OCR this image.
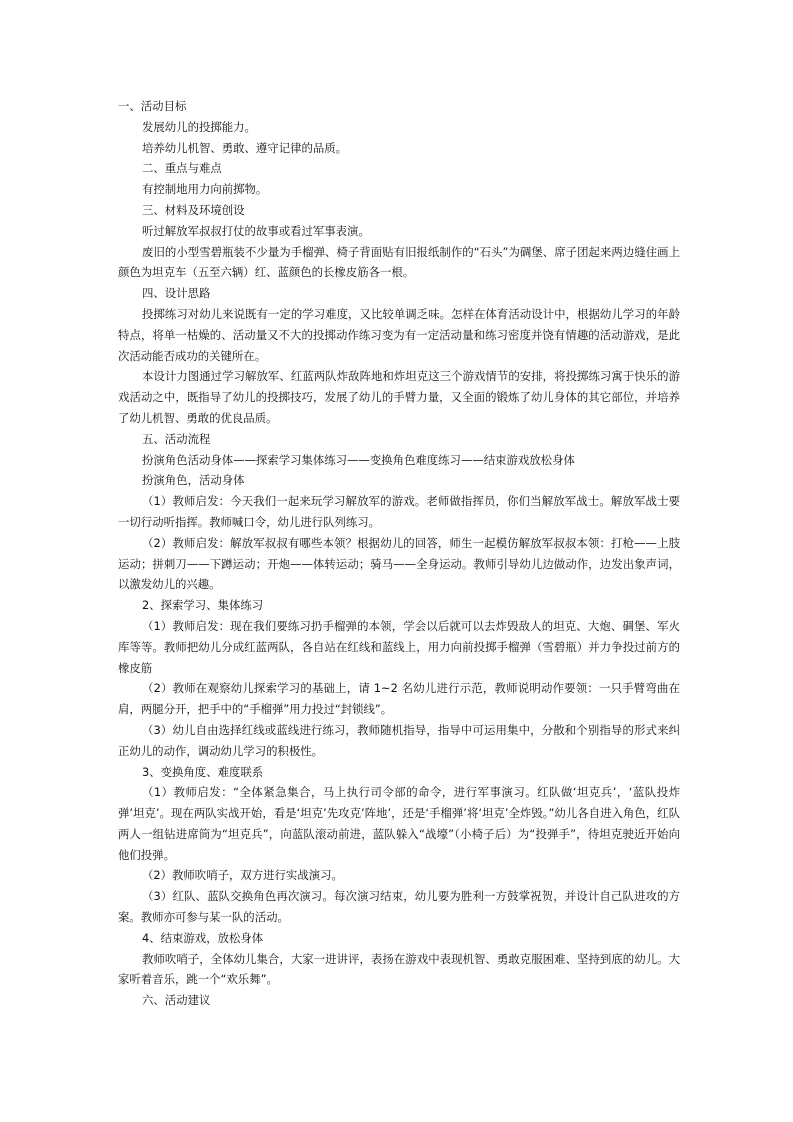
一、活动目标

发展幼儿的投掷能力。

培养幼儿机智、勇敢、遵守记律的品质。

二、重点与难点

有控制地用力向前掷物。

三、材料及环境创设

听过解放军叔叔打仗的故事或看过军事表演。

废旧的小型雪碧瓶装不少量为手榴弹、椅子背面贴有旧报纸制作的“石头”为碉堡、席子团起来两边缝住画上颜色为坦克车（五至六辆）红、蓝颜色的长橡皮筋各一根。

四、设计思路

投掷练习对幼儿来说既有一定的学习难度，又比较单调乏味。怎样在体育活动设计中，根据幼儿学习的年龄特点，将单一枯燥的、活动量又不大的投掷动作练习变为有一定活动量和练习密度并饶有情趣的活动游戏，是此次活动能否成功的关键所在。

本设计力图通过学习解放军、红蓝两队炸敌阵地和炸坦克这三个游戏情节的安排，将投掷练习寓于快乐的游戏活动之中，既指导了幼儿的投掷技巧，发展了幼儿的手臂力量，又全面的锻炼了幼儿身体的其它部位，并培养了幼儿机智、勇敢的优良品质。

五、活动流程

扮演角色活动身体——探索学习集体练习——变换角色难度练习——结束游戏放松身体

扮演角色，活动身体

（1）教师启发：今天我们一起来玩学习解放军的游戏。老师做指挥员，你们当解放军战士。解放军战士要一切行动听指挥。教师喊口令，幼儿进行队列练习。

（2）教师启发：解放军叔叔有哪些本领？根据幼儿的回答，师生一起模仿解放军叔叔本领：打枪——上肢运动；拼刺刀——下蹲运动；开炮——体转运动；骑马——全身运动。教师引导幼儿边做动作，边发出象声词，以激发幼儿的兴趣。

2、探索学习、集体练习

（1）教师启发：现在我们要练习扔手榴弹的本领，学会以后就可以去炸毁敌人的坦克、大炮、碉堡、军火库等等。教师把幼儿分成红蓝两队，各自站在红线和蓝线上，用力向前投掷手榴弹（雪碧瓶）并力争投过前方的橡皮筋

（2）教师在观察幼儿探索学习的基础上，请 1~2 名幼儿进行示范，教师说明动作要领：一只手臂弯曲在肩，两腿分开，把手中的“手榴弹”用力投过“封锁线”。

（3）幼儿自由选择红线或蓝线进行练习，教师随机指导，指导中可运用集中，分散和个别指导的形式来纠正幼儿的动作，调动幼儿学习的积极性。

3、变换角度、难度联系

（1）教师启发：“全体紧急集合，马上执行司令部的命令，进行军事演习。红队做‘坦克兵’，‘蓝队投炸弹’坦克’。现在两队实战开始，看是‘坦克’先攻克’阵地’，还是‘手榴弹’将‘坦克’全炸毁。”幼儿各自进入角色，红队两人一组钻进席筒为“坦克兵”，向蓝队滚动前进，蓝队躲入“战壕”（小椅子后）为“投弹手”，待坦克驶近开始向他们投弹。

（2）教师吹哨子，双方进行实战演习。

（3）红队、蓝队交换角色再次演习。每次演习结束，幼儿要为胜利一方鼓掌祝贺，并设计自己队进攻的方案。教师亦可参与某一队的活动。

4、结束游戏，放松身体

教师吹哨子，全体幼儿集合，大家一进讲评，表扬在游戏中表现机智、勇敢克服困难、坚持到底的幼儿。大家听着音乐，跳一个“欢乐舞”。

六、活动建议
